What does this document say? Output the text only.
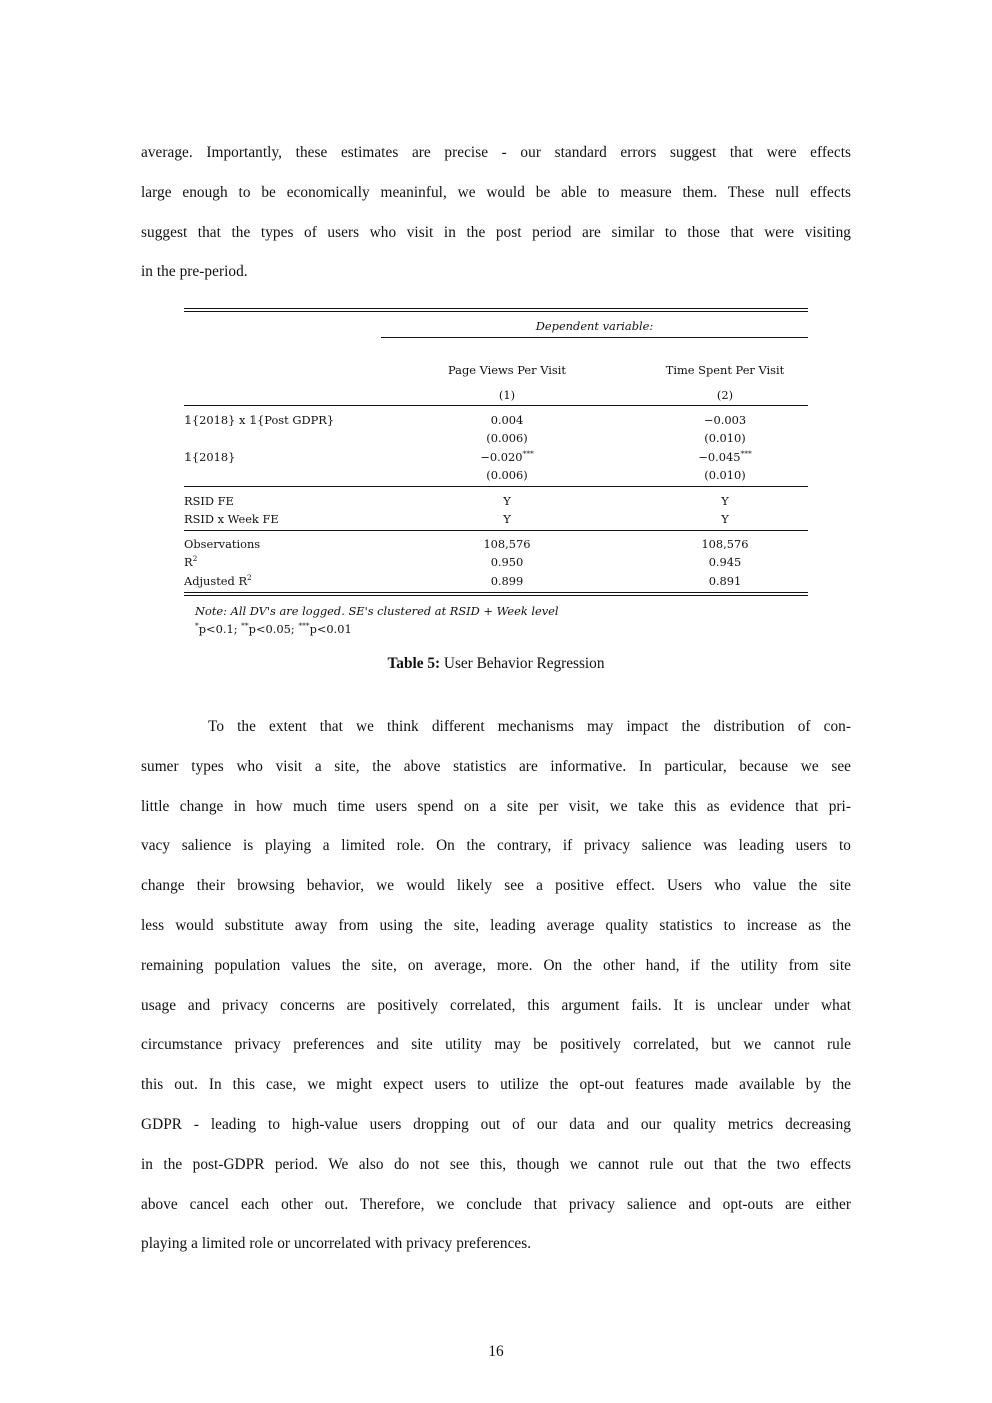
average. Importantly, these estimates are precise - our standard errors suggest that were effects
large enough to be economically meaninful, we would be able to measure them. These null effects
suggest that the types of users who visit in the post period are similar to those that were visiting
in the pre-period.
Dependent variable:
Page Views Per Visit	Time Spent Per Visit
(1)	(2)
𝟙{2018} x 𝟙{Post GDPR}	0.004	−0.003
(0.006)	(0.010)
𝟙{2018}	−0.020***	−0.045***
(0.006)	(0.010)
RSID FE	Y	Y
RSID x Week FE	Y	Y
Observations	108,576	108,576
$R^2$	0.950	0.945
Adjusted $R^2$	0.899	0.891
Note: All DV's are logged. SE's clustered at RSID + Week level
*p<0.1; **p<0.05; ***p<0.01
Table 5: User Behavior Regression
To the extent that we think different mechanisms may impact the distribution of con-
sumer types who visit a site, the above statistics are informative. In particular, because we see
little change in how much time users spend on a site per visit, we take this as evidence that pri-
vacy salience is playing a limited role. On the contrary, if privacy salience was leading users to
change their browsing behavior, we would likely see a positive effect. Users who value the site
less would substitute away from using the site, leading average quality statistics to increase as the
remaining population values the site, on average, more. On the other hand, if the utility from site
usage and privacy concerns are positively correlated, this argument fails. It is unclear under what
circumstance privacy preferences and site utility may be positively correlated, but we cannot rule
this out. In this case, we might expect users to utilize the opt-out features made available by the
GDPR - leading to high-value users dropping out of our data and our quality metrics decreasing
in the post-GDPR period. We also do not see this, though we cannot rule out that the two effects
above cancel each other out. Therefore, we conclude that privacy salience and opt-outs are either
playing a limited role or uncorrelated with privacy preferences.
16
